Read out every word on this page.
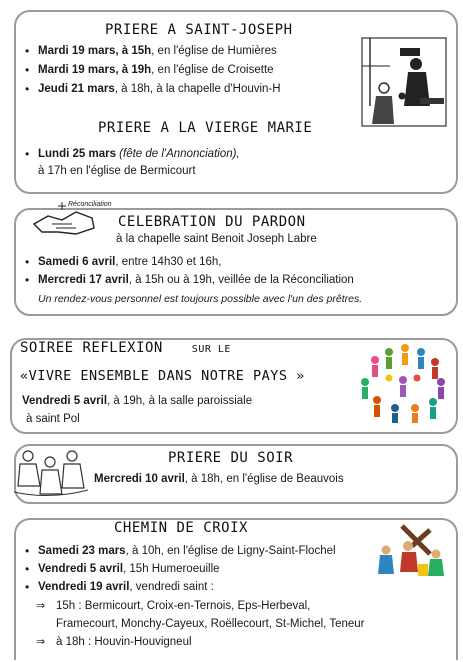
PRIERE A SAINT-JOSEPH
• Mardi 19 mars, à 15h, en l'église de Humières
• Mardi 19 mars, à 19h, en l'église de Croisette
• Jeudi 21 mars, à 18h, à la chapelle d'Houvin-H
PRIERE A LA VIERGE MARIE
• Lundi 25 mars (fête de l'Annonciation),
à 17h en l'église de Bermicourt
Réconciliation
CELEBRATION DU PARDON
à la chapelle saint Benoit Joseph Labre
• Samedi 6 avril, entre 14h30 et 16h,
• Mercredi 17 avril, à 15h ou à 19h, veillée de la Réconciliation
Un rendez-vous personnel est toujours possible avec l'un des prêtres.
SOIREE REFLEXION	SUR LE
«VIVRE ENSEMBLE DANS NOTRE PAYS »
Vendredi 5 avril, à 19h, à la salle paroissiale
à saint Pol
PRIERE DU SOIR
Mercredi 10 avril, à 18h, en l'église de Beauvois
CHEMIN DE CROIX
• Samedi 23 mars, à 10h, en l'église de Ligny-Saint-Flochel
• Vendredi 5 avril, 15h Humeroeuille
• Vendredi 19 avril, vendredi saint :
⇒ 15h : Bermicourt, Croix-en-Ternois, Eps-Herbeval,
Framecourt, Monchy-Cayeux, Roëllecourt, St-Michel, Teneur
⇒ à 18h : Houvin-Houvigneul
